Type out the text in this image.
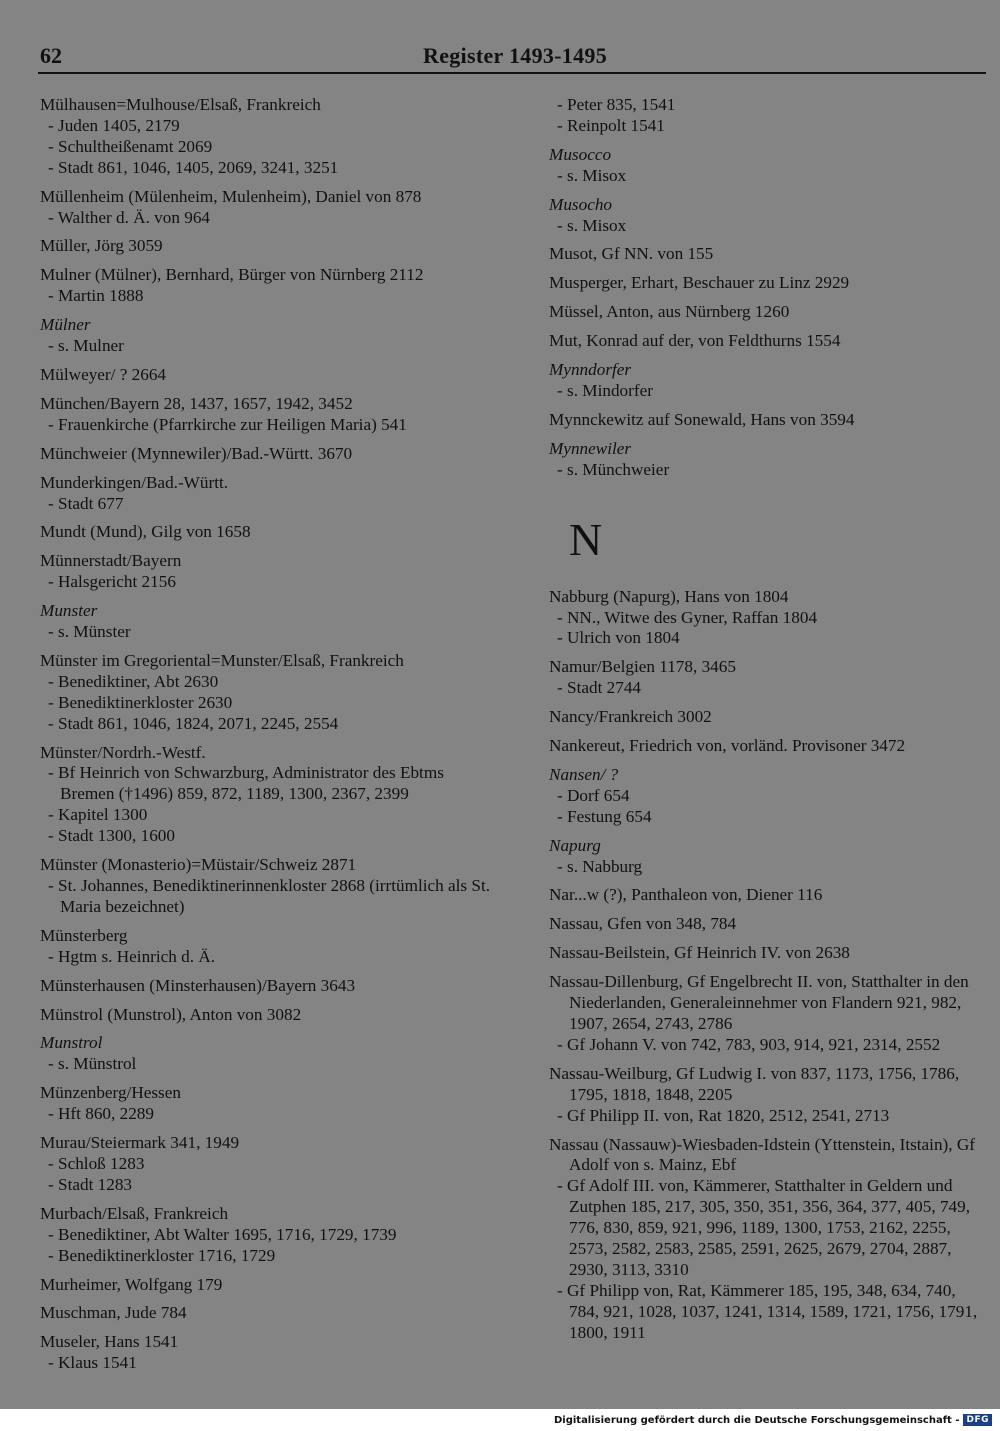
62	Register 1493-1495
Mülhausen=Mulhouse/Elsaß, Frankreich
- Juden 1405, 2179
- Schultheißenamt 2069
- Stadt 861, 1046, 1405, 2069, 3241, 3251
Müllenheim (Mülenheim, Mulenheim), Daniel von 878
- Walther d. Ä. von 964
Müller, Jörg 3059
Mulner (Mülner), Bernhard, Bürger von Nürnberg 2112
- Martin 1888
Mülner
- s. Mulner
Mülweyer/ ? 2664
München/Bayern 28, 1437, 1657, 1942, 3452
- Frauenkirche (Pfarrkirche zur Heiligen Maria) 541
Münchweier (Mynnewiler)/Bad.-Württ. 3670
Munderkingen/Bad.-Württ.
- Stadt 677
Mundt (Mund), Gilg von 1658
Münnerstadt/Bayern
- Halsgericht 2156
Munster
- s. Münster
Münster im Gregoriental=Munster/Elsaß, Frankreich
- Benediktiner, Abt 2630
- Benediktinerkloster 2630
- Stadt 861, 1046, 1824, 2071, 2245, 2554
Münster/Nordrh.-Westf.
- Bf Heinrich von Schwarzburg, Administrator des Ebtms Bremen (†1496) 859, 872, 1189, 1300, 2367, 2399
- Kapitel 1300
- Stadt 1300, 1600
Münster (Monasterio)=Müstair/Schweiz 2871
- St. Johannes, Benediktinerinnenkloster 2868 (irrtümlich als St. Maria bezeichnet)
Münsterberg
- Hgtm s. Heinrich d. Ä.
Münsterhausen (Minsterhausen)/Bayern 3643
Münstrol (Munstrol), Anton von 3082
Munstrol
- s. Münstrol
Münzenberg/Hessen
- Hft 860, 2289
Murau/Steiermark 341, 1949
- Schloß 1283
- Stadt 1283
Murbach/Elsaß, Frankreich
- Benediktiner, Abt Walter 1695, 1716, 1729, 1739
- Benediktinerkloster 1716, 1729
Murheimer, Wolfgang 179
Muschman, Jude 784
Museler, Hans 1541
- Klaus 1541
- Peter 835, 1541
- Reinpolt 1541
Musocco
- s. Misox
Musocho
- s. Misox
Musot, Gf NN. von 155
Musperger, Erhart, Beschauer zu Linz 2929
Müssel, Anton, aus Nürnberg 1260
Mut, Konrad auf der, von Feldthurns 1554
Mynndorfer
- s. Mindorfer
Mynnckewitz auf Sonewald, Hans von 3594
Mynnewiler
- s. Münchweier
N
Nabburg (Napurg), Hans von 1804
- NN., Witwe des Gyner, Raffan 1804
- Ulrich von 1804
Namur/Belgien 1178, 3465
- Stadt 2744
Nancy/Frankreich 3002
Nankereut, Friedrich von, vorländ. Provisoner 3472
Nansen/ ?
- Dorf 654
- Festung 654
Napurg
- s. Nabburg
Nar...w (?), Panthaleon von, Diener 116
Nassau, Gfen von 348, 784
Nassau-Beilstein, Gf Heinrich IV. von 2638
Nassau-Dillenburg, Gf Engelbrecht II. von, Statthalter in den Niederlanden, Generaleinnehmer von Flandern 921, 982, 1907, 2654, 2743, 2786
- Gf Johann V. von 742, 783, 903, 914, 921, 2314, 2552
Nassau-Weilburg, Gf Ludwig I. von 837, 1173, 1756, 1786, 1795, 1818, 1848, 2205
- Gf Philipp II. von, Rat 1820, 2512, 2541, 2713
Nassau (Nassauw)-Wiesbaden-Idstein (Yttenstein, Itstain), Gf Adolf von s. Mainz, Ebf
- Gf Adolf III. von, Kämmerer, Statthalter in Geldern und Zutphen 185, 217, 305, 350, 351, 356, 364, 377, 405, 749, 776, 830, 859, 921, 996, 1189, 1300, 1753, 2162, 2255, 2573, 2582, 2583, 2585, 2591, 2625, 2679, 2704, 2887, 2930, 3113, 3310
- Gf Philipp von, Rat, Kämmerer 185, 195, 348, 634, 740, 784, 921, 1028, 1037, 1241, 1314, 1589, 1721, 1756, 1791, 1800, 1911
Digitalisierung gefördert durch die Deutsche Forschungsgemeinschaft - DFG
